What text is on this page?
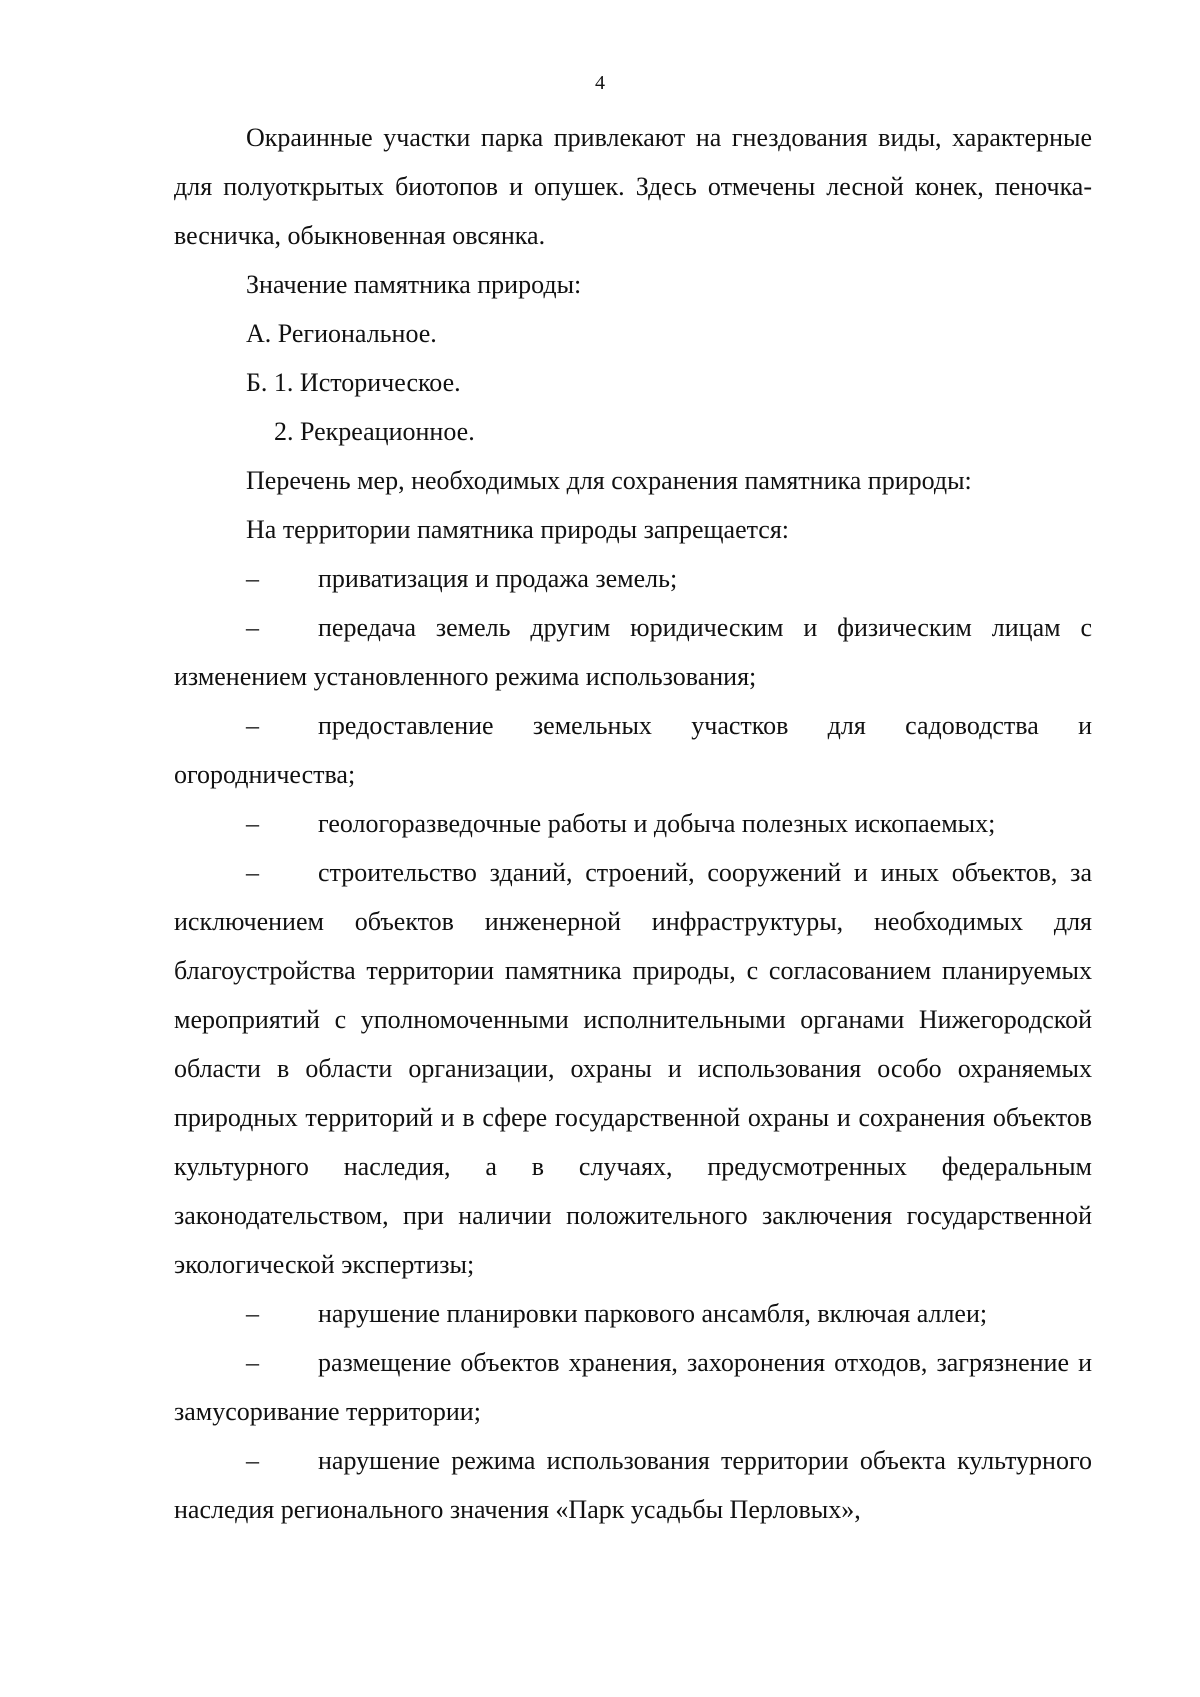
4

Окраинные участки парка привлекают на гнездования виды, характерные для полуоткрытых биотопов и опушек. Здесь отмечены лесной конек, пеночка-весничка, обыкновенная овсянка.

Значение памятника природы:

А. Региональное.

Б. 1. Историческое.

2. Рекреационное.

Перечень мер, необходимых для сохранения памятника природы:

На территории памятника природы запрещается:

– приватизация и продажа земель;

– передача земель другим юридическим и физическим лицам с изменением установленного режима использования;

– предоставление земельных участков для садоводства и огородничества;

– геологоразведочные работы и добыча полезных ископаемых;

– строительство зданий, строений, сооружений и иных объектов, за исключением объектов инженерной инфраструктуры, необходимых для благоустройства территории памятника природы, с согласованием планируемых мероприятий с уполномоченными исполнительными органами Нижегородской области в области организации, охраны и использования особо охраняемых природных территорий и в сфере государственной охраны и сохранения объектов культурного наследия, а в случаях, предусмотренных федеральным законодательством, при наличии положительного заключения государственной экологической экспертизы;

– нарушение планировки паркового ансамбля, включая аллеи;

– размещение объектов хранения, захоронения отходов, загрязнение и замусоривание территории;

– нарушение режима использования территории объекта культурного наследия регионального значения «Парк усадьбы Перловых»,
